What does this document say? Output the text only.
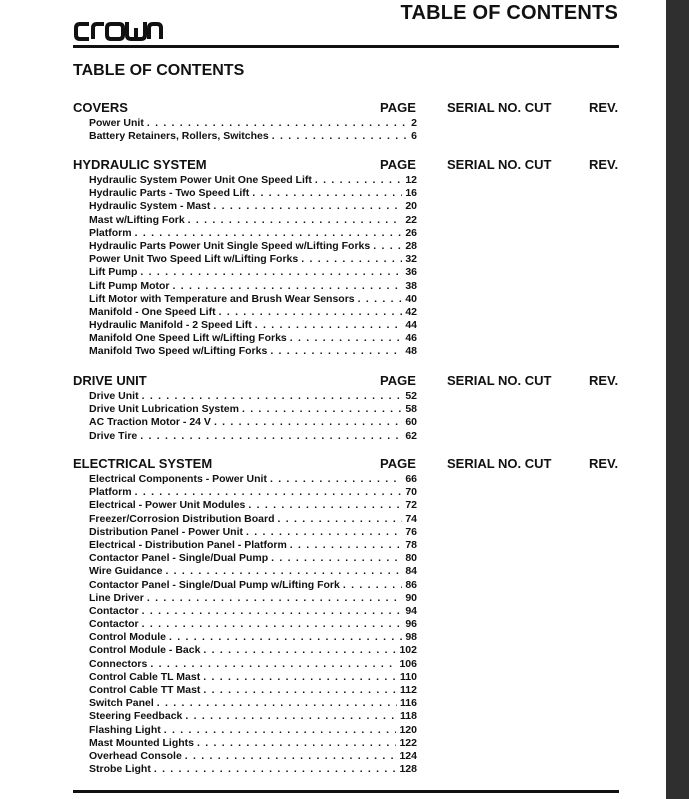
TABLE OF CONTENTS
TABLE OF CONTENTS
COVERS	PAGE SERIAL NO. CUT	REV.
Power Unit . . .	2
Battery Retainers, Rollers, Switches . . .	6
HYDRAULIC SYSTEM	PAGE SERIAL NO. CUT	REV.
Hydraulic System Power Unit One Speed Lift . . .	12
Hydraulic Parts - Two Speed Lift . . .	16
Hydraulic System - Mast . . .	20
Mast w/Lifting Fork . . .	22
Platform . . .	26
Hydraulic Parts Power Unit Single Speed w/Lifting Forks . . .	28
Power Unit Two Speed Lift w/Lifting Forks . . .	32
Lift Pump . . .	36
Lift Pump Motor . . .	38
Lift Motor with Temperature and Brush Wear Sensors . . .	40
Manifold - One Speed Lift . . .	42
Hydraulic Manifold - 2 Speed Lift . . .	44
Manifold One Speed Lift w/Lifting Forks . . .	46
Manifold Two Speed w/Lifting Forks . . .	48
DRIVE UNIT	PAGE SERIAL NO. CUT	REV.
Drive Unit . . .	52
Drive Unit Lubrication System . . .	58
AC Traction Motor - 24 V . . .	60
Drive Tire . . .	62
ELECTRICAL SYSTEM	PAGE SERIAL NO. CUT	REV.
Electrical Components - Power Unit . . .	66
Platform . . .	70
Electrical - Power Unit Modules . . .	72
Freezer/Corrosion Distribution Board . . .	74
Distribution Panel - Power Unit . . .	76
Electrical - Distribution Panel - Platform . . .	78
Contactor Panel - Single/Dual Pump . . .	80
Wire Guidance . . .	84
Contactor Panel - Single/Dual Pump w/Lifting Fork . . .	86
Line Driver . . .	90
Contactor . . .	94
Contactor . . .	96
Control Module . . .	98
Control Module - Back . . .	102
Connectors . . .	106
Control Cable TL Mast . . .	110
Control Cable TT Mast . . .	112
Switch Panel . . .	116
Steering Feedback . . .	118
Flashing Light . . .	120
Mast Mounted Lights . . .	122
Overhead Console . . .	124
Strobe Light . . .	128
